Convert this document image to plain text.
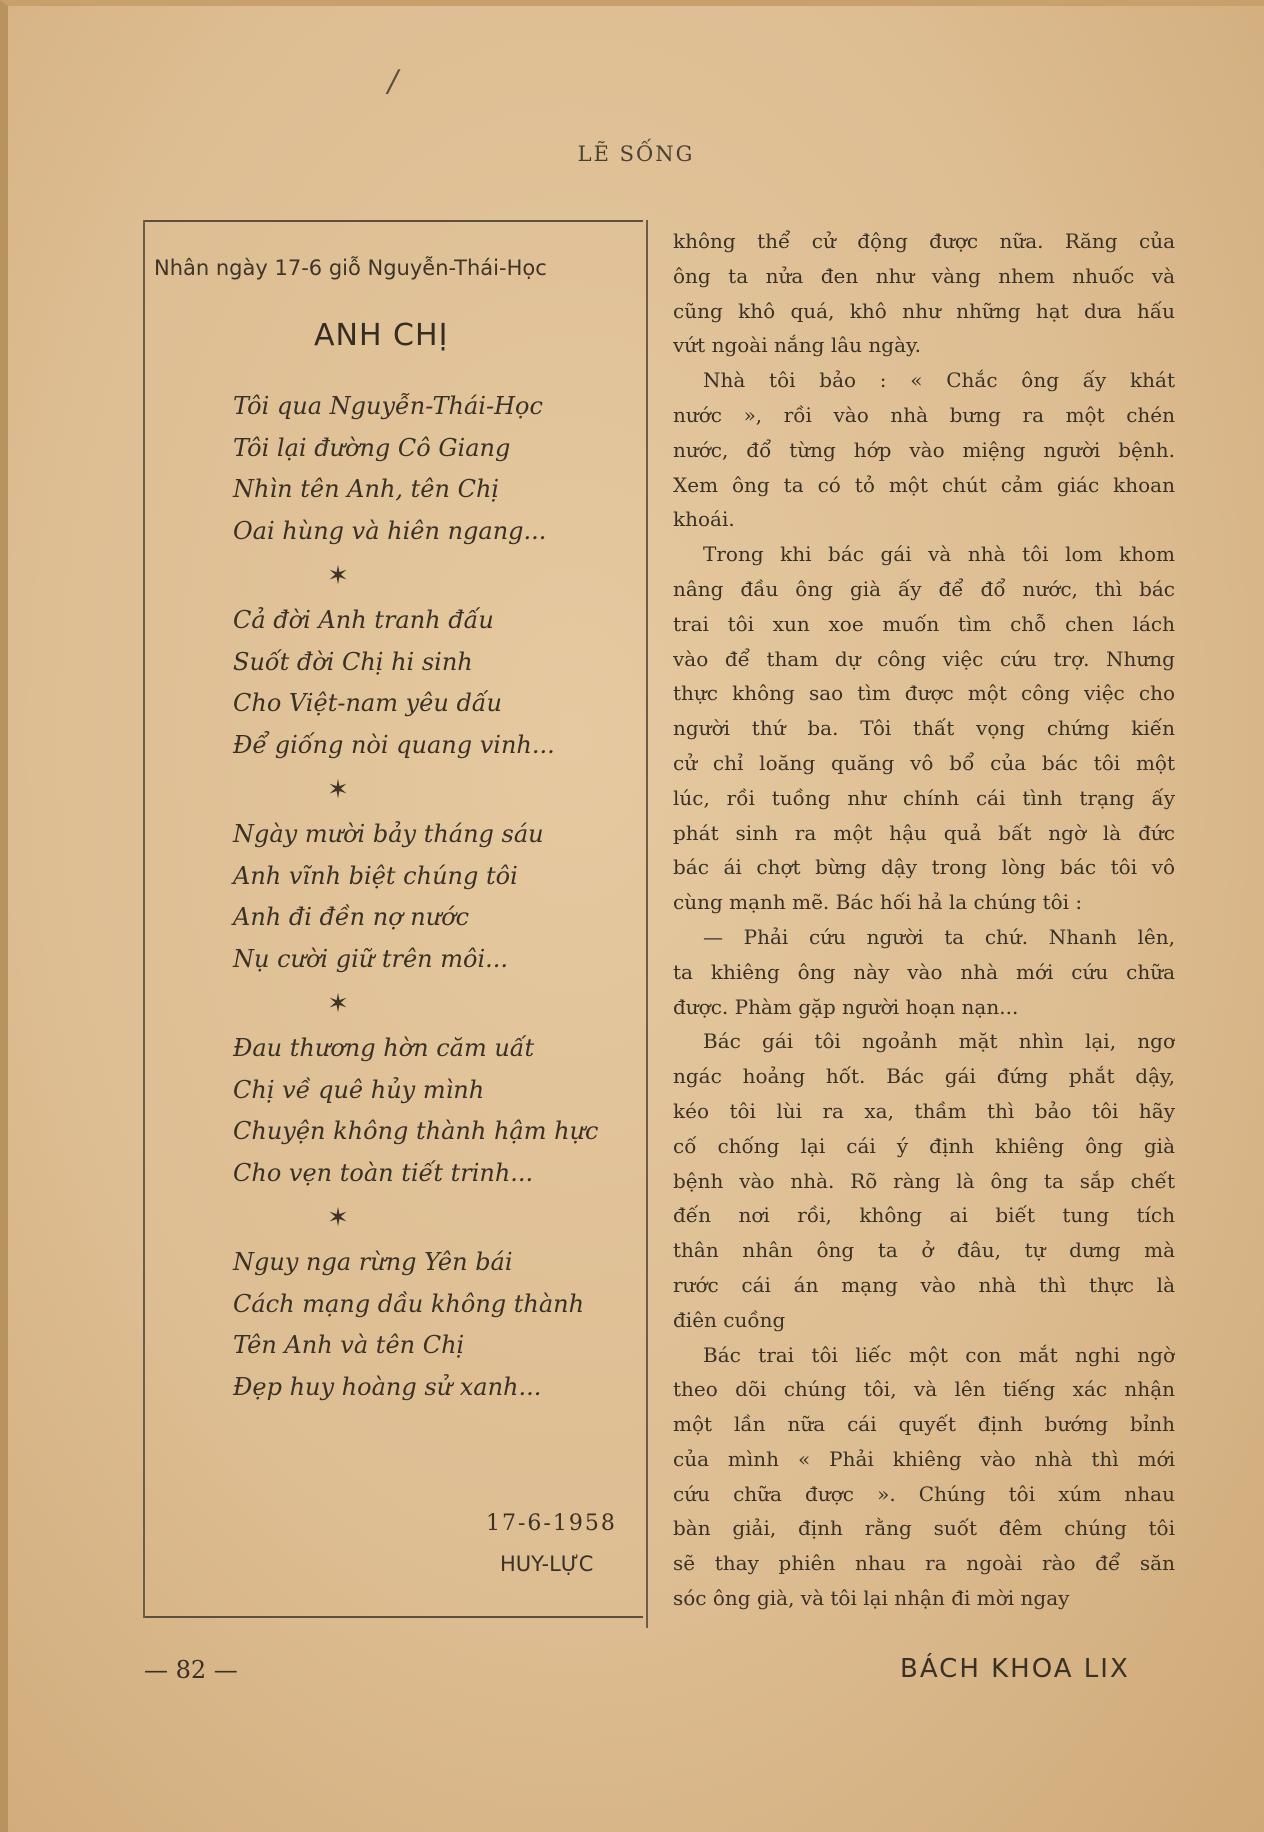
/
LẼ SỐNG
Nhân ngày 17-6 giỗ Nguyễn-Thái-Học
ANH CHỊ
Tôi qua Nguyễn-Thái-Học
Tôi lại đường Cô Giang
Nhìn tên Anh, tên Chị
Oai hùng và hiên ngang...
✶
Cả đời Anh tranh đấu
Suốt đời Chị hi sinh
Cho Việt-nam yêu dấu
Để giống nòi quang vinh...
✶
Ngày mười bảy tháng sáu
Anh vĩnh biệt chúng tôi
Anh đi đền nợ nước
Nụ cười giữ trên môi...
✶
Đau thương hờn căm uất
Chị về quê hủy mình
Chuyện không thành hậm hực
Cho vẹn toàn tiết trinh...
✶
Nguy nga rừng Yên bái
Cách mạng dầu không thành
Tên Anh và tên Chị
Đẹp huy hoàng sử xanh...
17-6-1958
HUY-LỰC
không thể cử động được nữa. Răng của
ông ta nửa đen như vàng nhem nhuốc và
cũng khô quá, khô như những hạt dưa hấu
vứt ngoài nắng lâu ngày.
Nhà tôi bảo : « Chắc ông ấy khát
nước », rồi vào nhà bưng ra một chén
nước, đổ từng hớp vào miệng người bệnh.
Xem ông ta có tỏ một chút cảm giác khoan
khoái.
Trong khi bác gái và nhà tôi lom khom
nâng đầu ông già ấy để đổ nước, thì bác
trai tôi xun xoe muốn tìm chỗ chen lách
vào để tham dự công việc cứu trợ. Nhưng
thực không sao tìm được một công việc cho
người thứ ba. Tôi thất vọng chứng kiến
cử chỉ loăng quăng vô bổ của bác tôi một
lúc, rồi tuồng như chính cái tình trạng ấy
phát sinh ra một hậu quả bất ngờ là đức
bác ái chợt bừng dậy trong lòng bác tôi vô
cùng mạnh mẽ. Bác hối hả la chúng tôi :
— Phải cứu người ta chứ. Nhanh lên,
ta khiêng ông này vào nhà mới cứu chữa
được. Phàm gặp người hoạn nạn...
Bác gái tôi ngoảnh mặt nhìn lại, ngơ
ngác hoảng hốt. Bác gái đứng phắt dậy,
kéo tôi lùi ra xa, thầm thì bảo tôi hãy
cố chống lại cái ý định khiêng ông già
bệnh vào nhà. Rõ ràng là ông ta sắp chết
đến nơi rồi, không ai biết tung tích
thân nhân ông ta ở đâu, tự dưng mà
rước cái án mạng vào nhà thì thực là
điên cuồng
Bác trai tôi liếc một con mắt nghi ngờ
theo dõi chúng tôi, và lên tiếng xác nhận
một lần nữa cái quyết định bướng bỉnh
của mình « Phải khiêng vào nhà thì mới
cứu chữa được ». Chúng tôi xúm nhau
bàn giải, định rằng suốt đêm chúng tôi
sẽ thay phiên nhau ra ngoài rào để săn
sóc ông già, và tôi lại nhận đi mời ngay
— 82 —	BÁCH KHOA LIX
